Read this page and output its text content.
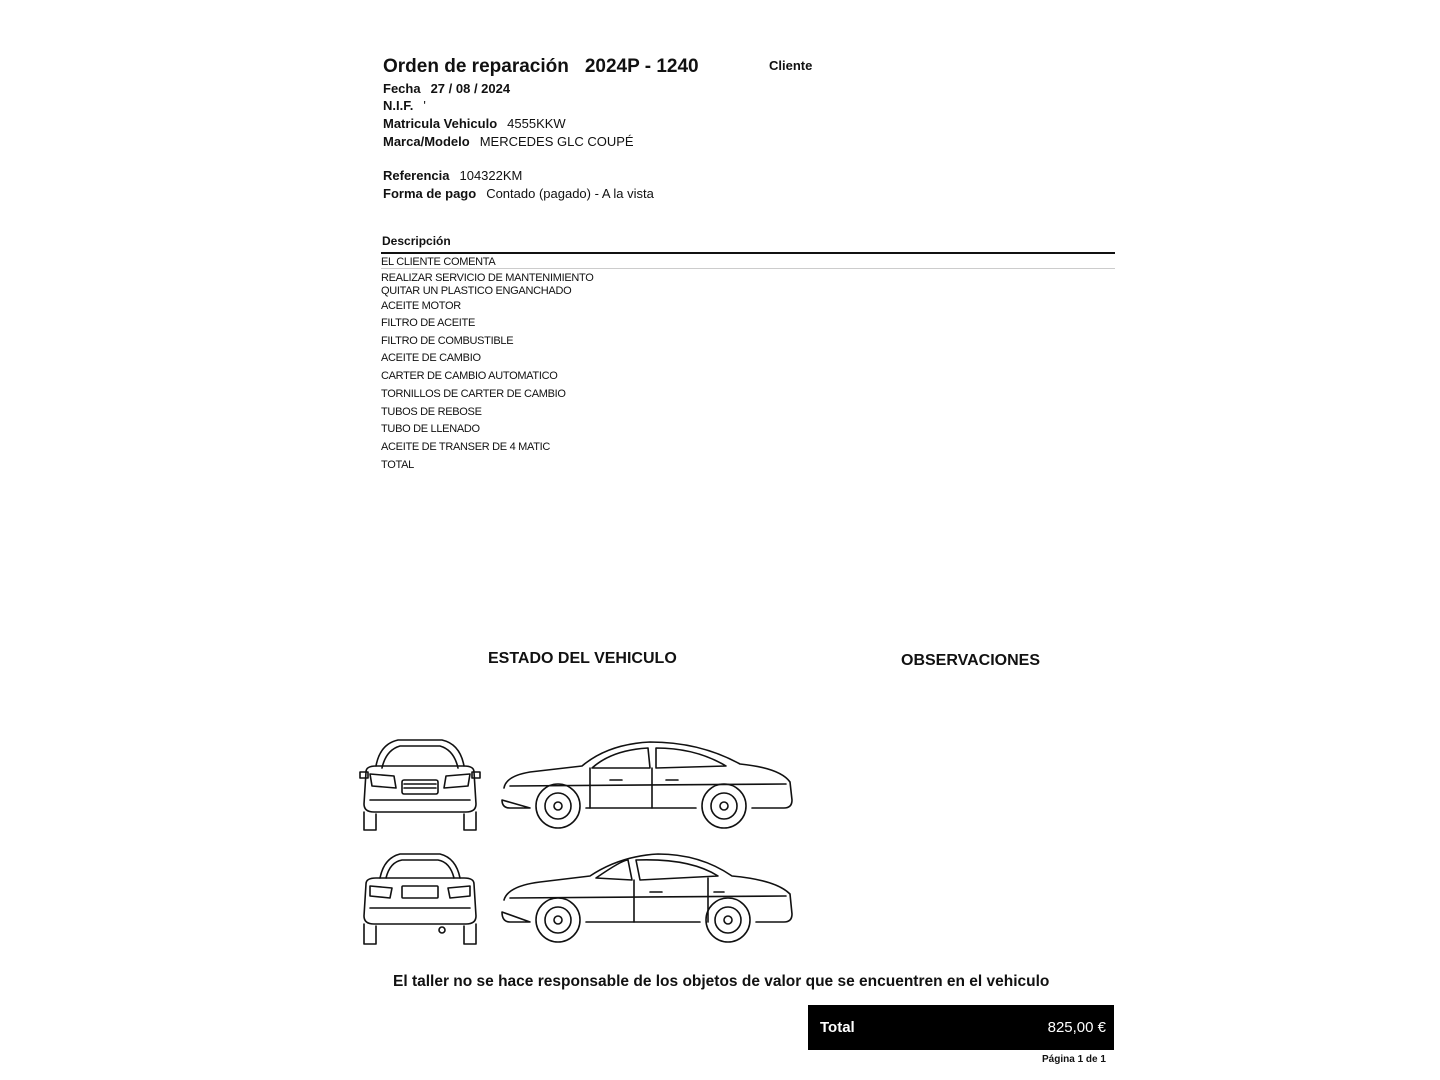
Orden de reparación 2024P - 1240	Cliente
Fecha 27 / 08 / 2024
N.I.F. '
Matricula Vehiculo 4555KKW
Marca/Modelo MERCEDES GLC COUPÉ
Referencia 104322KM
Forma de pago Contado (pagado) - A la vista
Descripción
EL CLIENTE COMENTA
REALIZAR SERVICIO DE MANTENIMIENTO
QUITAR UN PLASTICO ENGANCHADO
ACEITE MOTOR
FILTRO DE ACEITE
FILTRO DE COMBUSTIBLE
ACEITE DE CAMBIO
CARTER DE CAMBIO AUTOMATICO
TORNILLOS DE CARTER DE CAMBIO
TUBOS DE REBOSE
TUBO DE LLENADO
ACEITE DE TRANSER DE 4 MATIC
TOTAL
ESTADO DEL VEHICULO	OBSERVACIONES
El taller no se hace responsable de los objetos de valor que se encuentren en el vehiculo
Total	825,00 €
Página 1 de 1
